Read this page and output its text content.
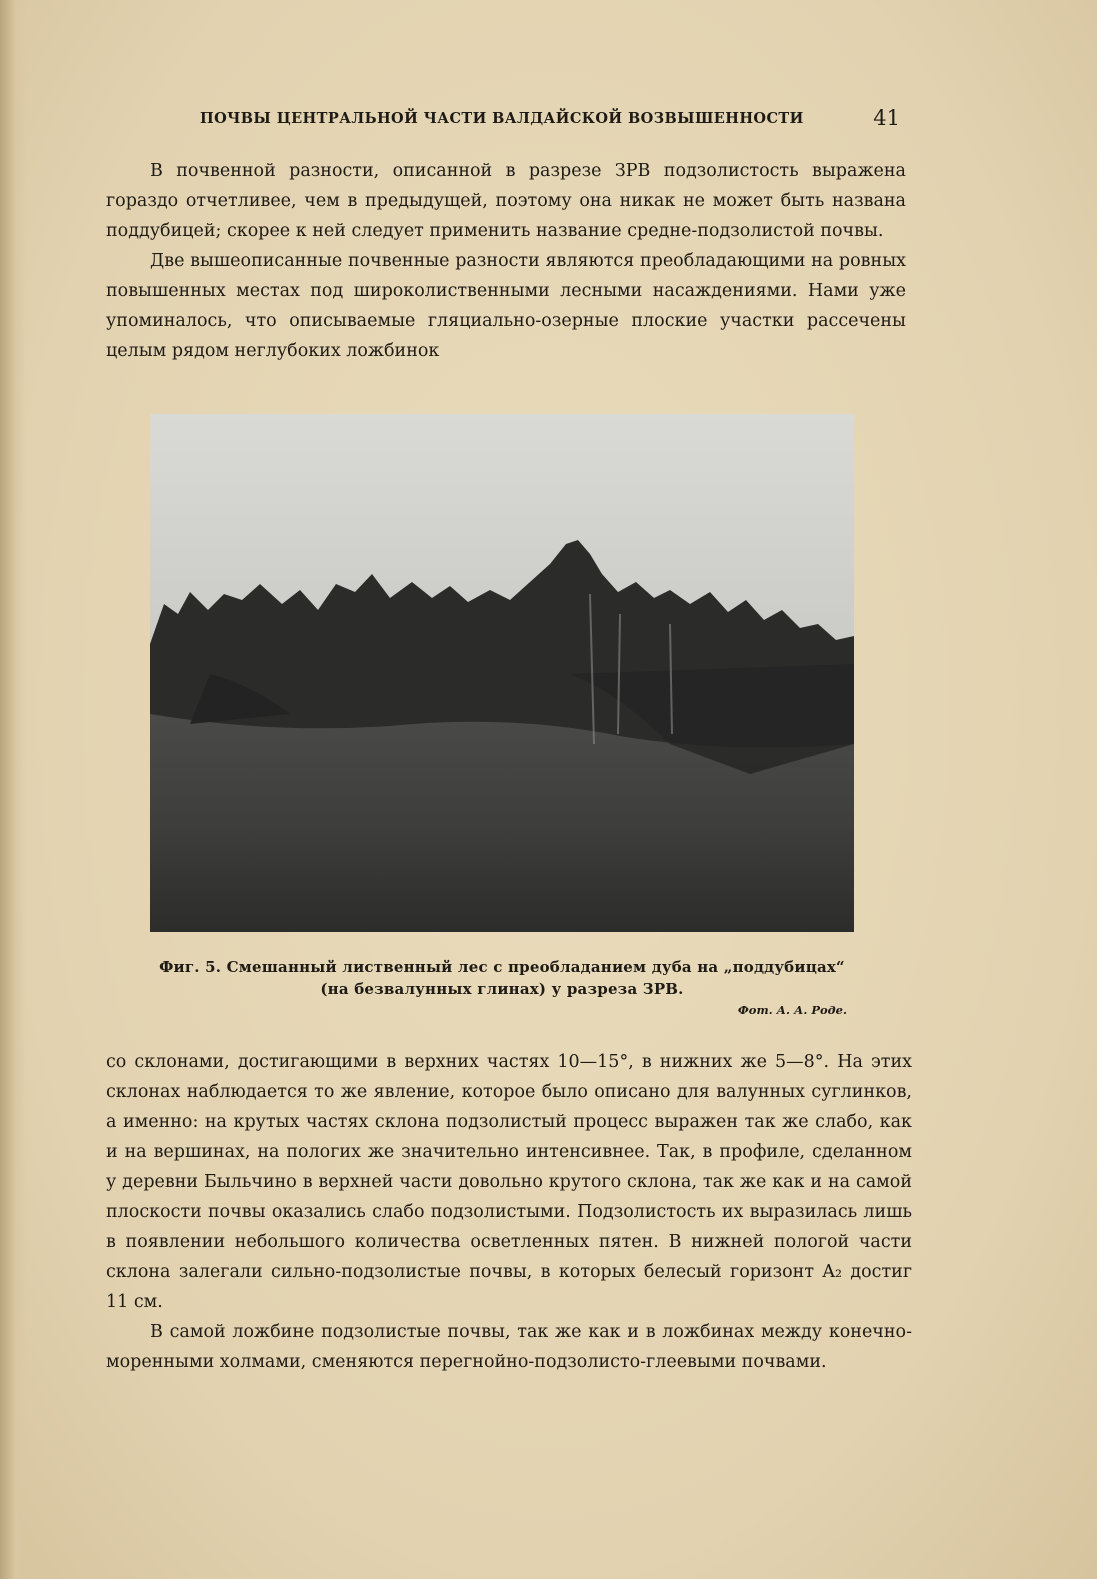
ПОЧВЫ ЦЕНТРАЛЬНОЙ ЧАСТИ ВАЛДАЙСКОЙ ВОЗВЫШЕННОСТИ	41

В почвенной разности, описанной в разрезе ЗРВ подзолистость выражена гораздо отчетливее, чем в предыдущей, поэтому она никак не может быть названа поддубицей; скорее к ней следует применить название средне-подзолистой почвы.

Две вышеописанные почвенные разности являются преобладающими на ровных повышенных местах под широколиственными лесными насаждениями. Нами уже упоминалось, что описываемые гляциально-озерные плоские участки рассечены целым рядом неглубоких ложбинок

Фиг. 5. Смешанный лиственный лес с преобладанием дуба на „поддубицах“ (на безвалунных глинах) у разреза ЗРВ.
Фот. А. А. Роде.

со склонами, достигающими в верхних частях 10—15°, в нижних же 5—8°. На этих склонах наблюдается то же явление, которое было описано для валунных суглинков, а именно: на крутых частях склона подзолистый процесс выражен так же слабо, как и на вершинах, на пологих же значительно интенсивнее. Так, в профиле, сделанном у деревни Быльчино в верхней части довольно крутого склона, так же как и на самой плоскости почвы оказались слабо подзолистыми. Подзолистость их выразилась лишь в появлении небольшого количества осветленных пятен. В нижней пологой части склона залегали сильно-подзолистые почвы, в которых белесый горизонт A₂ достиг 11 см.

В самой ложбине подзолистые почвы, так же как и в ложбинах между конечно-моренными холмами, сменяются перегнойно-подзолисто-глеевыми почвами.
